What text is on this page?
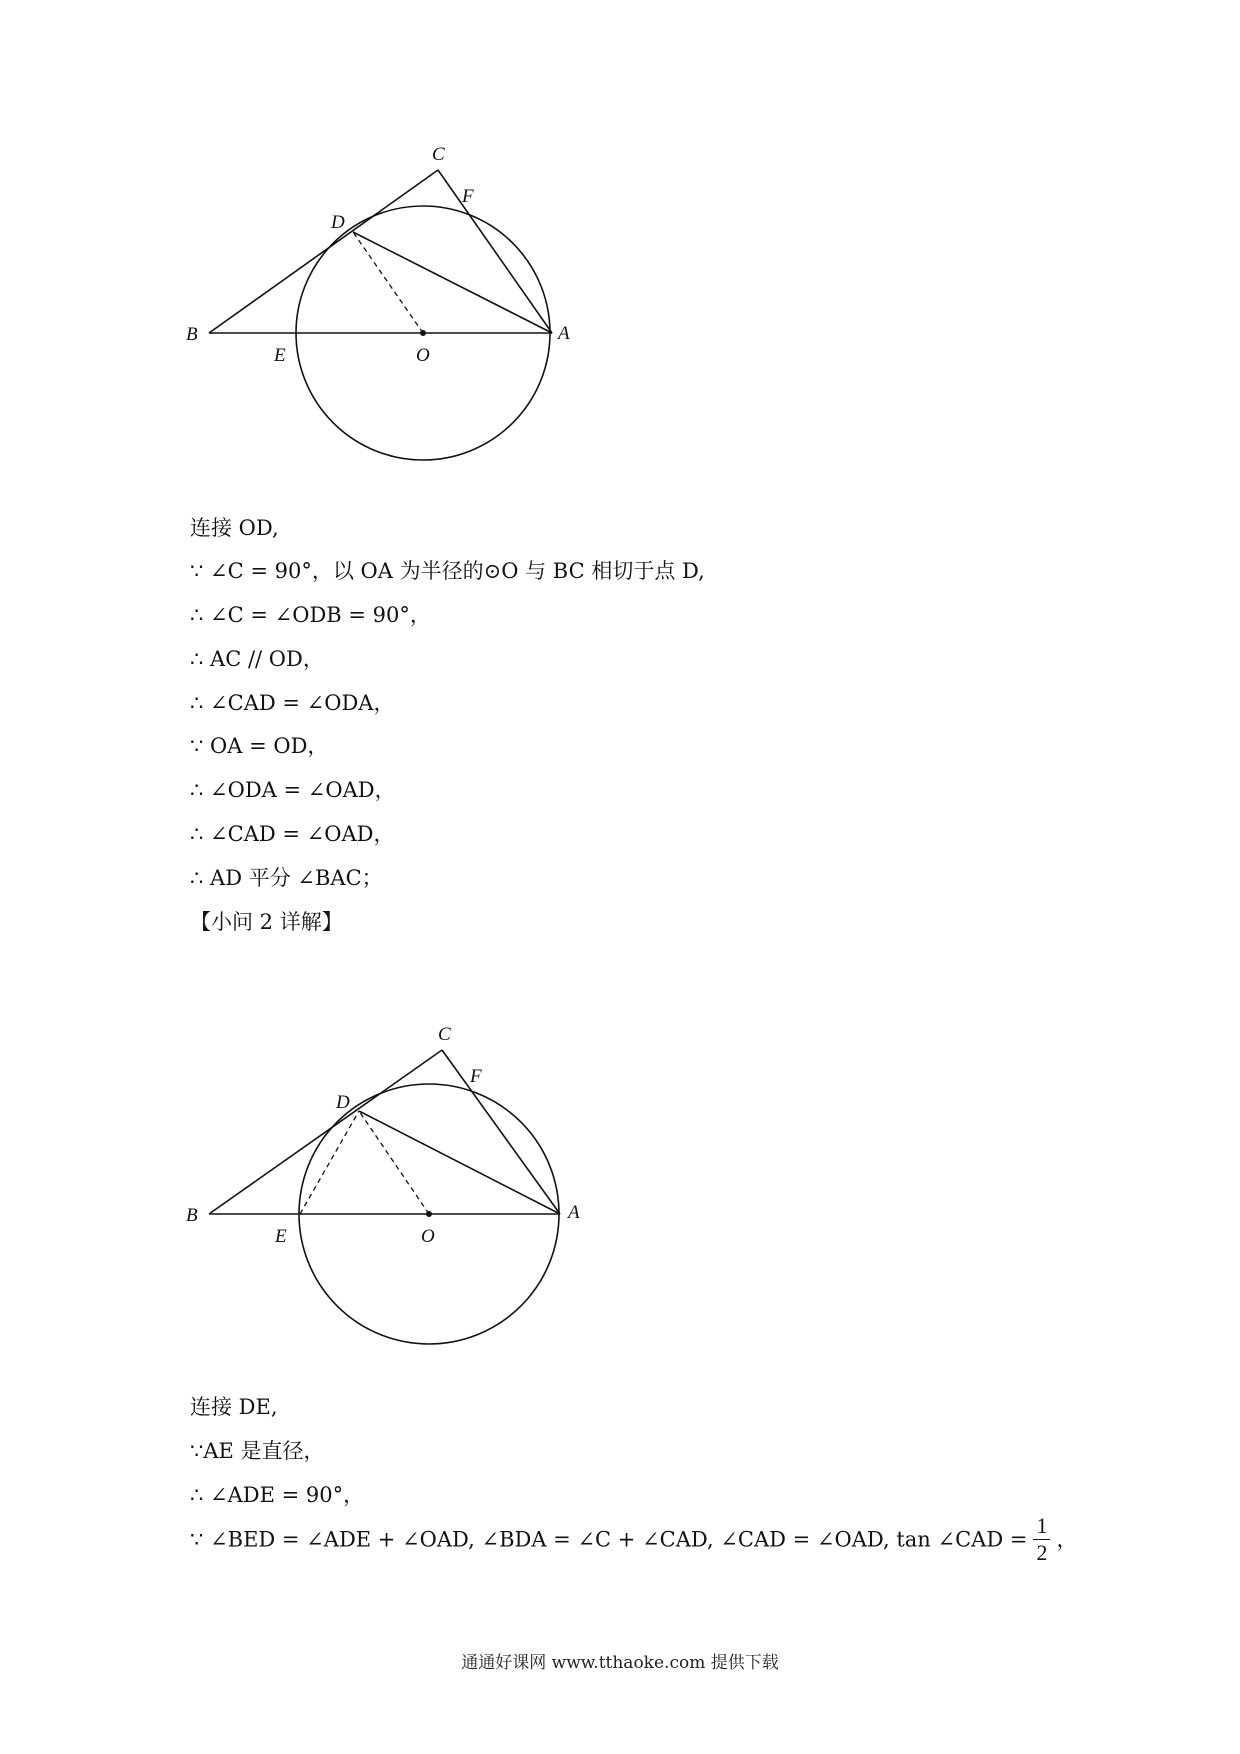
B
C
D
F
E	O
A
连接 OD,
∵ ∠C = 90°，以 OA 为半径的⊙O 与 BC 相切于点 D,
∴ ∠C = ∠ODB = 90°，
∴ AC // OD，
∴ ∠CAD = ∠ODA，
∵ OA = OD，
∴ ∠ODA = ∠OAD，
∴ ∠CAD = ∠OAD，
∴ AD 平分 ∠BAC；
【小问 2 详解】
B
C
D
F
E	O
A
连接 DE,
∵AE 是直径，
∴ ∠ADE = 90°，
∵ ∠BED = ∠ADE + ∠OAD, ∠BDA = ∠C + ∠CAD, ∠CAD = ∠OAD, tan ∠CAD = $\frac{1}{2}$ ，
通通好课网 www.tthaoke.com 提供下载
